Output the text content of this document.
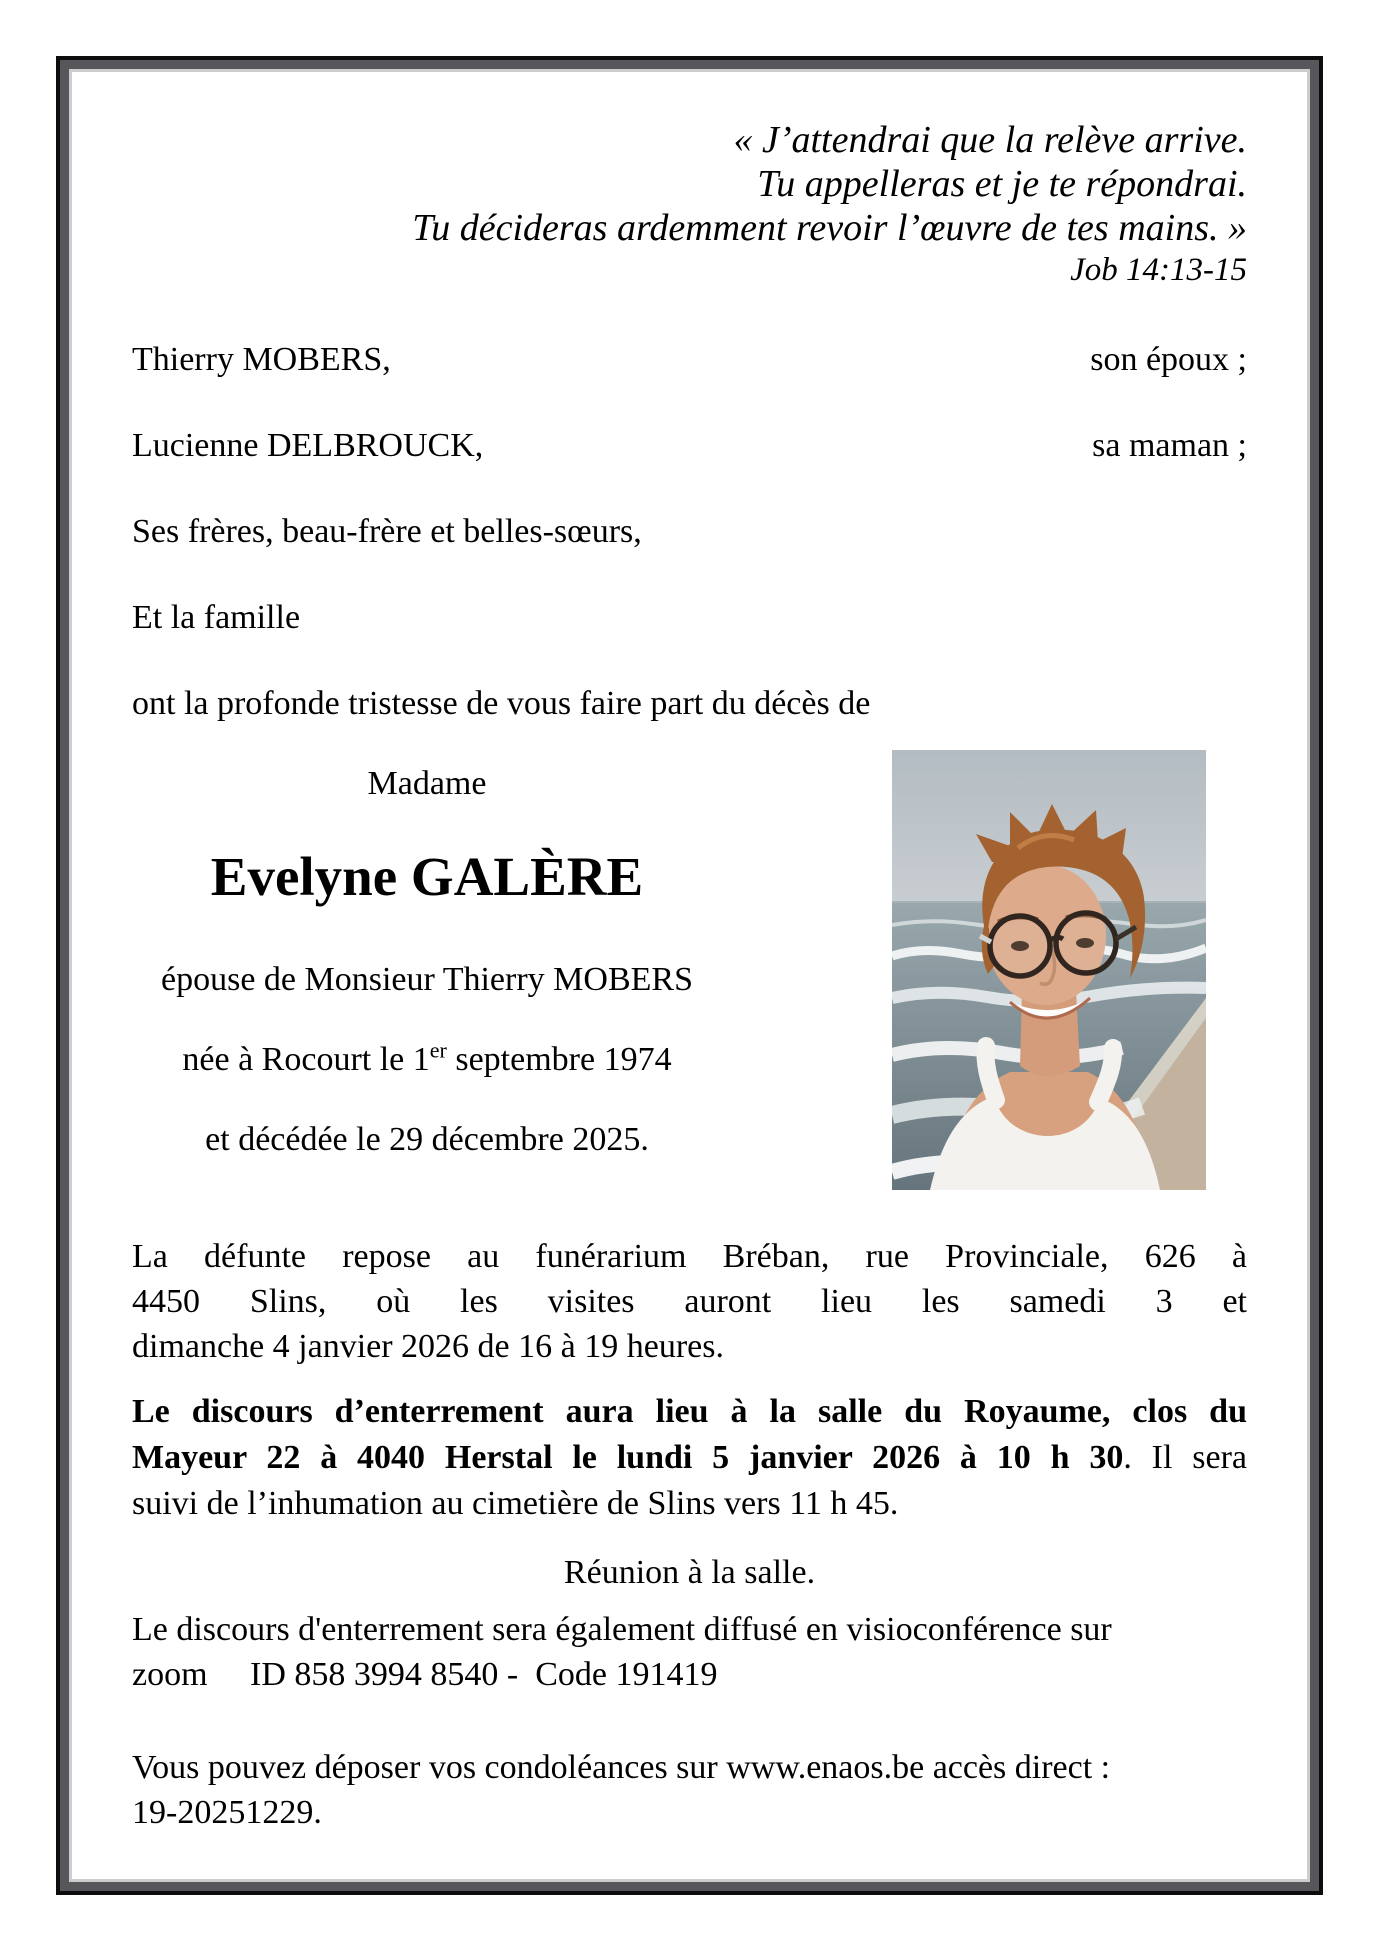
« J’attendrai que la relève arrive.
Tu appelleras et je te répondrai.
Tu décideras ardemment revoir l’œuvre de tes mains. »
Job 14:13-15
Thierry MOBERS,	son époux ;
Lucienne DELBROUCK,	sa maman ;
Ses frères, beau-frère et belles-sœurs,
Et la famille
ont la profonde tristesse de vous faire part du décès de
Madame
Evelyne GALÈRE
épouse de Monsieur Thierry MOBERS
née à Rocourt le 1er septembre 1974
et décédée le 29 décembre 2025.
La défunte repose au funérarium Bréban, rue Provinciale, 626 à
4450 Slins, où les visites auront lieu les samedi 3 et
dimanche 4 janvier 2026 de 16 à 19 heures.
Le discours d’enterrement aura lieu à la salle du Royaume, clos du
Mayeur 22 à 4040 Herstal le lundi 5 janvier 2026 à 10 h 30. Il sera
suivi de l’inhumation au cimetière de Slins vers 11 h 45.
Réunion à la salle.
Le discours d'enterrement sera également diffusé en visioconférence sur
zoom     ID 858 3994 8540 -  Code 191419
Vous pouvez déposer vos condoléances sur www.enaos.be accès direct :
19-20251229.
